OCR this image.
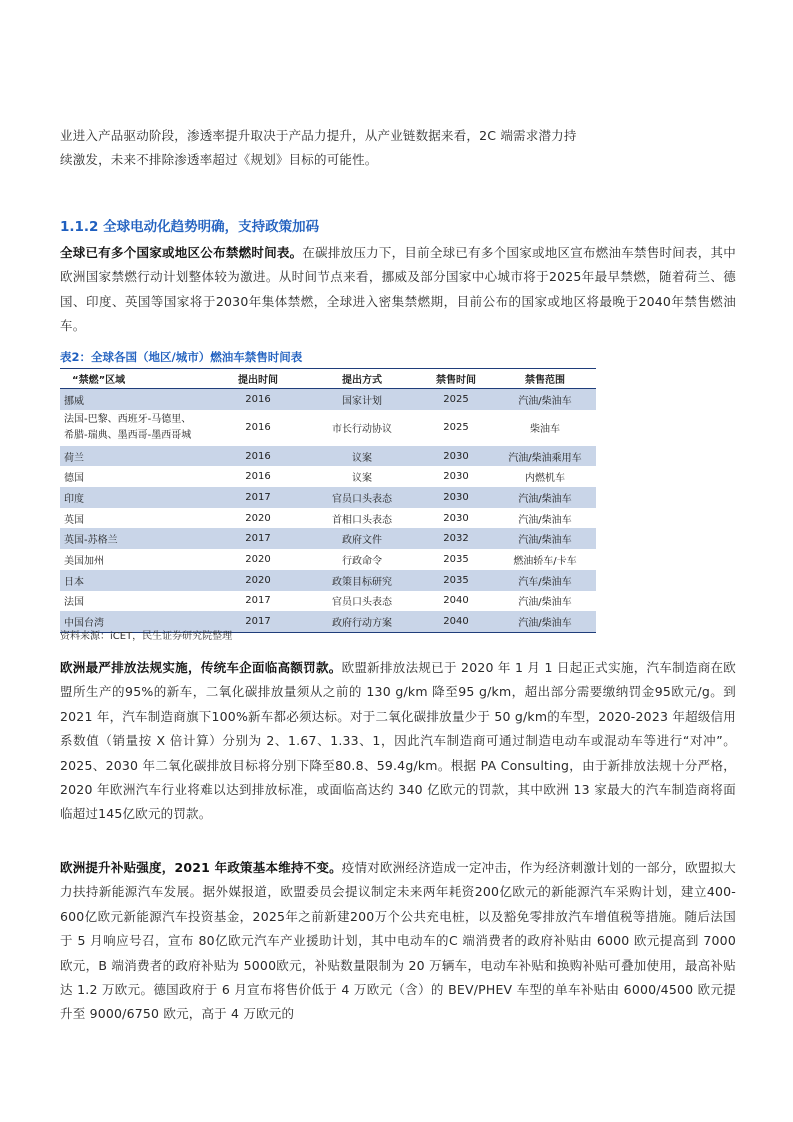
业进入产品驱动阶段，渗透率提升取决于产品力提升，从产业链数据来看，2C 端需求潜力持
续激发，未来不排除渗透率超过《规划》目标的可能性。
1.1.2 全球电动化趋势明确，支持政策加码

全球已有多个国家或地区公布禁燃时间表。在碳排放压力下，目前全球已有多个国家或地区宣布燃油车禁售时间表，其中欧洲国家禁燃行动计划整体较为激进。从时间节点来看，挪威及部分国家中心城市将于2025年最早禁燃，随着荷兰、德国、印度、英国等国家将于2030年集体禁燃，全球进入密集禁燃期，目前公布的国家或地区将最晚于2040年禁售燃油车。

表2：全球各国（地区/城市）燃油车禁售时间表
“禁燃”区域	提出时间	提出方式	禁售时间	禁售范围
挪威	2016	国家计划	2025	汽油/柴油车
法国-巴黎、西班牙-马德里、
希腊-瑞典、墨西哥-墨西哥城	2016	市长行动协议	2025	柴油车
荷兰	2016	议案	2030	汽油/柴油乘用车
德国	2016	议案	2030	内燃机车
印度	2017	官员口头表态	2030	汽油/柴油车
英国	2020	首相口头表态	2030	汽油/柴油车
英国-苏格兰	2017	政府文件	2032	汽油/柴油车
美国加州	2020	行政命令	2035	燃油轿车/卡车
日本	2020	政策目标研究	2035	汽车/柴油车
法国	2017	官员口头表态	2040	汽油/柴油车
中国台湾	2017	政府行动方案	2040	汽油/柴油车
资料来源：iCET，民生证券研究院整理

欧洲最严排放法规实施，传统车企面临高额罚款。欧盟新排放法规已于 2020 年 1 月 1 日起正式实施，汽车制造商在欧盟所生产的95%的新车，二氧化碳排放量须从之前的 130 g/km 降至95 g/km，超出部分需要缴纳罚金95欧元/g。到 2021 年，汽车制造商旗下100%新车都必须达标。对于二氧化碳排放量少于 50 g/km的车型，2020-2023 年超级信用系数值（销量按 X 倍计算）分别为 2、1.67、1.33、1，因此汽车制造商可通过制造电动车或混动车等进行“对冲”。2025、2030 年二氧化碳排放目标将分别下降至80.8、59.4g/km。根据 PA Consulting，由于新排放法规十分严格，2020 年欧洲汽车行业将难以达到排放标准，或面临高达约 340 亿欧元的罚款，其中欧洲 13 家最大的汽车制造商将面临超过145亿欧元的罚款。

欧洲提升补贴强度，2021 年政策基本维持不变。疫情对欧洲经济造成一定冲击，作为经济刺激计划的一部分，欧盟拟大力扶持新能源汽车发展。据外媒报道，欧盟委员会提议制定未来两年耗资200亿欧元的新能源汽车采购计划，建立400-600亿欧元新能源汽车投资基金，2025年之前新建200万个公共充电桩，以及豁免零排放汽车增值税等措施。随后法国于 5 月响应号召，宣布 80亿欧元汽车产业援助计划，其中电动车的C 端消费者的政府补贴由 6000 欧元提高到 7000 欧元，B 端消费者的政府补贴为 5000欧元，补贴数量限制为 20 万辆车，电动车补贴和换购补贴可叠加使用，最高补贴达 1.2 万欧元。德国政府于 6 月宣布将售价低于 4 万欧元（含）的 BEV/PHEV 车型的单车补贴由 6000/4500 欧元提升至 9000/6750 欧元，高于 4 万欧元的
